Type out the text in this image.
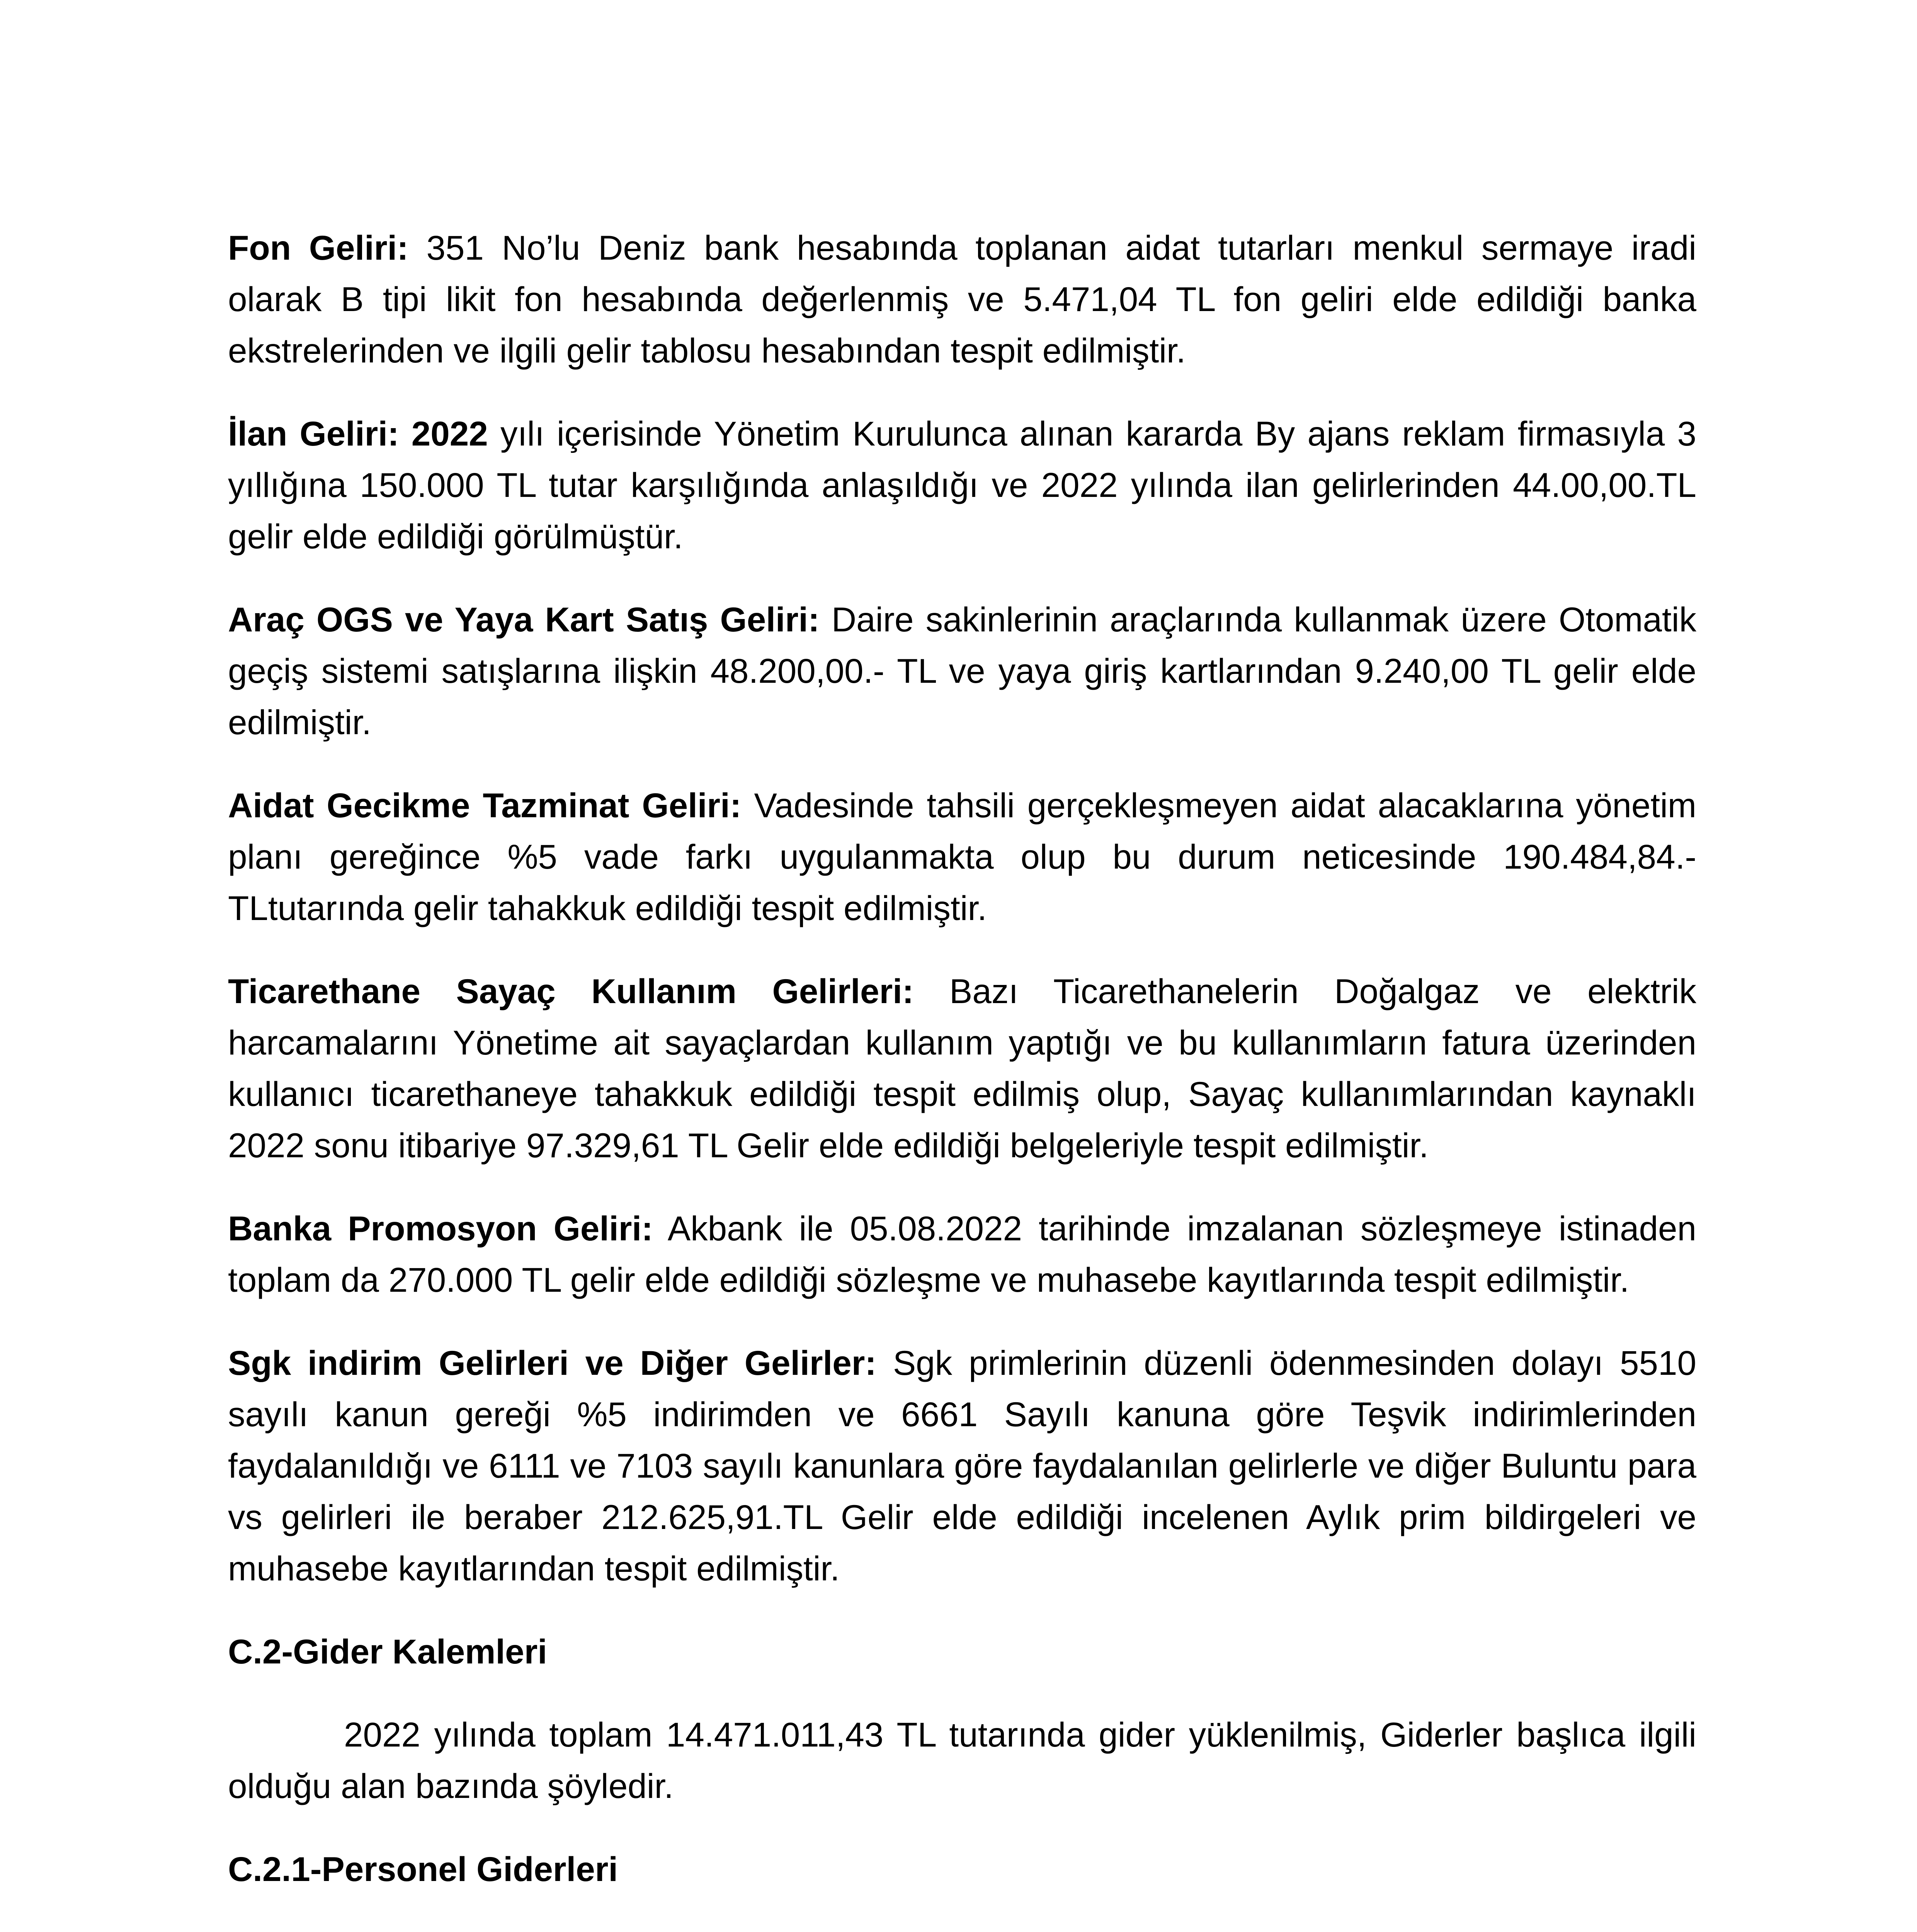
Fon Geliri: 351 No’lu Deniz bank hesabında toplanan aidat tutarları menkul sermaye iradi olarak B tipi likit fon hesabında değerlenmiş ve 5.471,04 TL fon geliri elde edildiği banka ekstrelerinden ve ilgili gelir tablosu hesabından tespit edilmiştir.

İlan Geliri: 2022 yılı içerisinde Yönetim Kurulunca alınan kararda By ajans reklam firmasıyla 3 yıllığına 150.000 TL tutar karşılığında anlaşıldığı ve 2022 yılında ilan gelirlerinden 44.00,00.TL gelir elde edildiği görülmüştür.

Araç OGS ve Yaya Kart Satış Geliri: Daire sakinlerinin araçlarında kullanmak üzere Otomatik geçiş sistemi satışlarına ilişkin 48.200,00.- TL ve yaya giriş kartlarından 9.240,00 TL gelir elde edilmiştir.

Aidat Gecikme Tazminat Geliri: Vadesinde tahsili gerçekleşmeyen aidat alacaklarına yönetim planı gereğince %5 vade farkı uygulanmakta olup bu durum neticesinde 190.484,84.-TLtutarında gelir tahakkuk edildiği tespit edilmiştir.

Ticarethane Sayaç Kullanım Gelirleri: Bazı Ticarethanelerin Doğalgaz ve elektrik harcamalarını Yönetime ait sayaçlardan kullanım yaptığı ve bu kullanımların fatura üzerinden kullanıcı ticarethaneye tahakkuk edildiği tespit edilmiş olup, Sayaç kullanımlarından kaynaklı 2022 sonu itibariye 97.329,61 TL Gelir elde edildiği belgeleriyle tespit edilmiştir.

Banka Promosyon Geliri: Akbank ile 05.08.2022 tarihinde imzalanan sözleşmeye istinaden toplam da 270.000 TL gelir elde edildiği sözleşme ve muhasebe kayıtlarında tespit edilmiştir.

Sgk indirim Gelirleri ve Diğer Gelirler: Sgk primlerinin düzenli ödenmesinden dolayı 5510 sayılı kanun gereği %5 indirimden ve 6661 Sayılı kanuna göre Teşvik indirimlerinden faydalanıldığı ve 6111 ve 7103 sayılı kanunlara göre faydalanılan gelirlerle ve diğer Buluntu para vs gelirleri ile beraber 212.625,91.TL Gelir elde edildiği incelenen Aylık prim bildirgeleri ve muhasebe kayıtlarından tespit edilmiştir.

C.2-Gider Kalemleri

2022 yılında toplam 14.471.011,43 TL tutarında gider yüklenilmiş, Giderler başlıca ilgili olduğu alan bazında şöyledir.

C.2.1-Personel Giderleri
